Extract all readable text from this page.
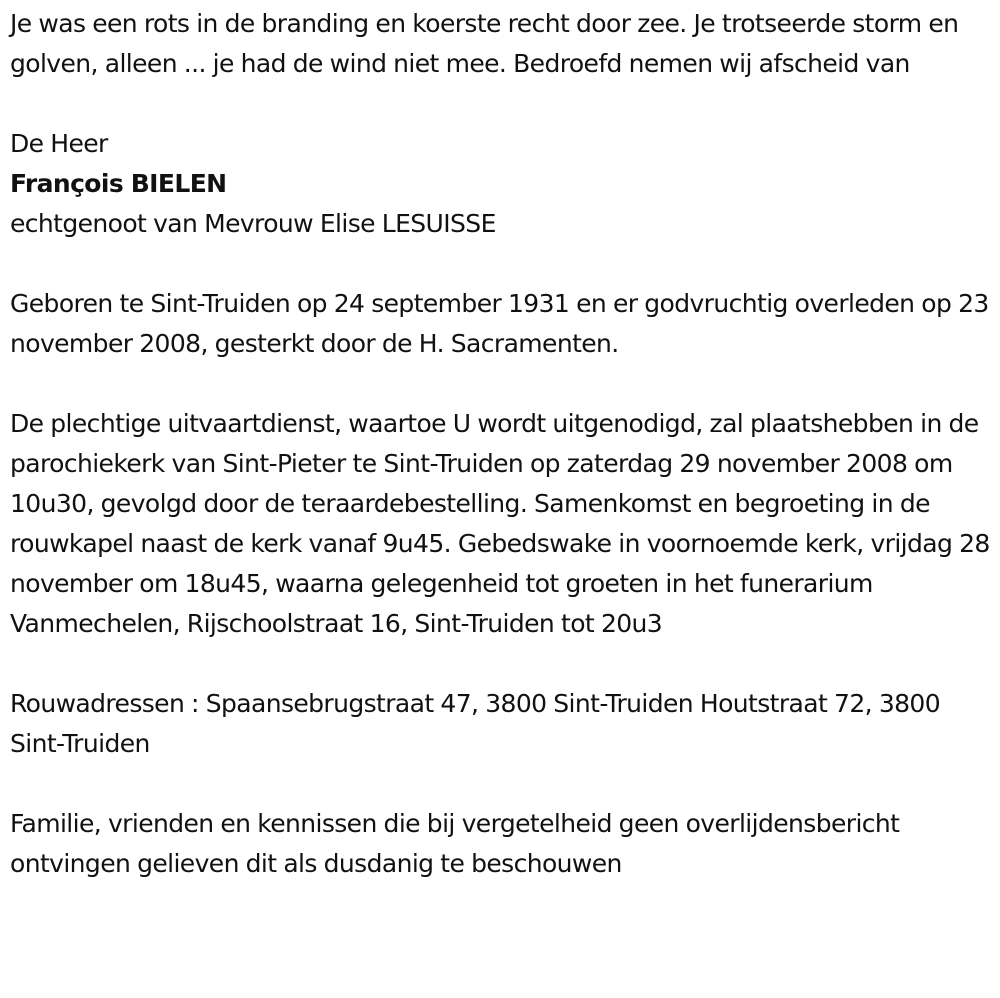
Je was een rots in de branding en koerste recht door zee. Je trotseerde storm en golven, alleen ... je had de wind niet mee. Bedroefd nemen wij afscheid van

De Heer

François BIELEN

echtgenoot van Mevrouw Elise LESUISSE

Geboren te Sint-Truiden op 24 september 1931 en er godvruchtig overleden op 23 november 2008, gesterkt door de H. Sacramenten.

De plechtige uitvaartdienst, waartoe U wordt uitgenodigd, zal plaatshebben in de parochiekerk van Sint-Pieter te Sint-Truiden op zaterdag 29 november 2008 om 10u30, gevolgd door de teraardebestelling. Samenkomst en begroeting in de rouwkapel naast de kerk vanaf 9u45. Gebedswake in voornoemde kerk, vrijdag 28 november om 18u45, waarna gelegenheid tot groeten in het funerarium Vanmechelen, Rijschoolstraat 16, Sint-Truiden tot 20u3

Rouwadressen : Spaansebrugstraat 47, 3800 Sint-Truiden Houtstraat 72, 3800 Sint-Truiden

Familie, vrienden en kennissen die bij vergetelheid geen overlijdensbericht ontvingen gelieven dit als dusdanig te beschouwen
